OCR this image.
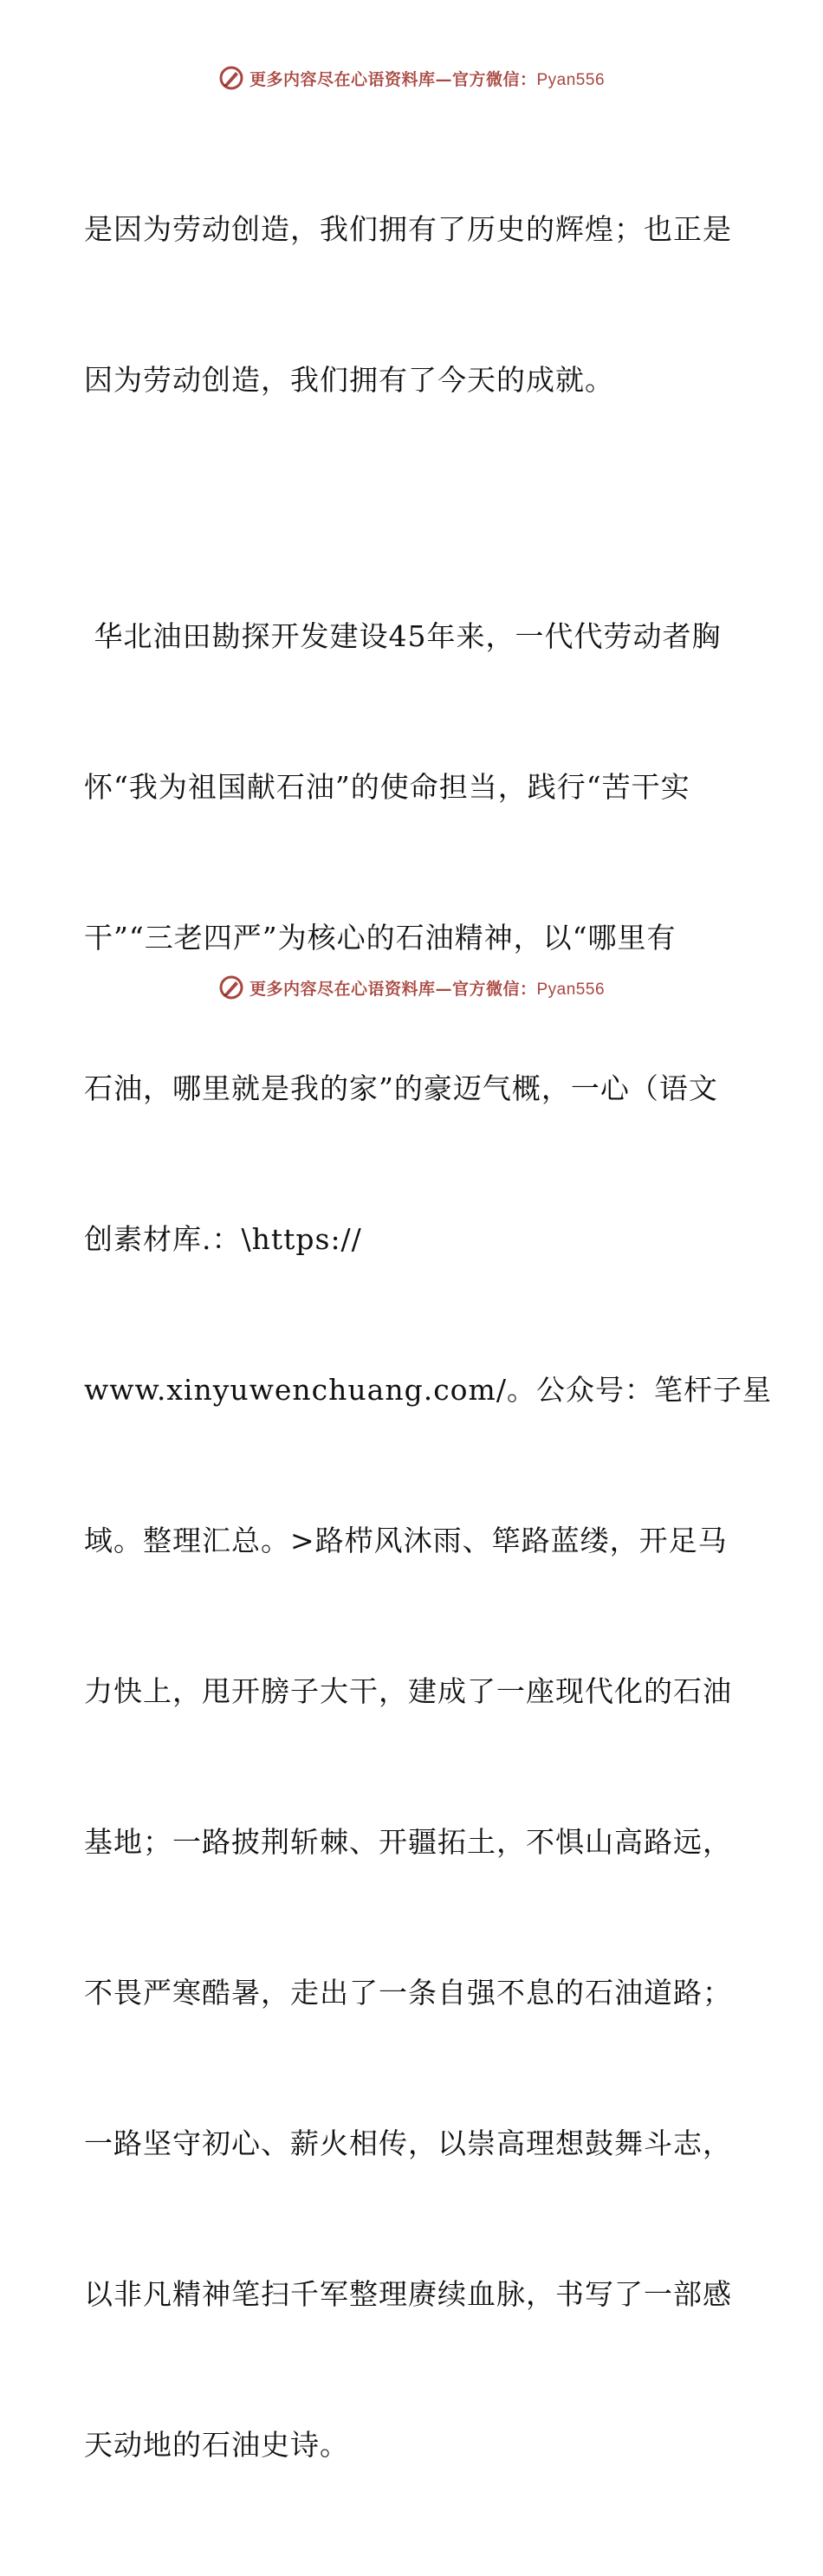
更多内容尽在心语资料库—官方微信：Pyan556

是因为劳动创造，我们拥有了历史的辉煌；也正是

因为劳动创造，我们拥有了今天的成就。

华北油田勘探开发建设45年来，一代代劳动者胸

怀“我为祖国献石油”的使命担当，践行“苦干实

干”“三老四严”为核心的石油精神，以“哪里有

石油，哪里就是我的家”的豪迈气概，一心（语文

创素材库.：\https://

www.xinyuwenchuang.com/。公众号：笔杆子星

域。整理汇总。>路栉风沐雨、筚路蓝缕，开足马

力快上，甩开膀子大干，建成了一座现代化的石油

基地；一路披荆斩棘、开疆拓土，不惧山高路远，

不畏严寒酷暑，走出了一条自强不息的石油道路；

一路坚守初心、薪火相传，以崇高理想鼓舞斗志，

以非凡精神笔扫千军整理赓续血脉，书写了一部感

天动地的石油史诗。

更多内容尽在心语资料库—官方微信：Pyan556
